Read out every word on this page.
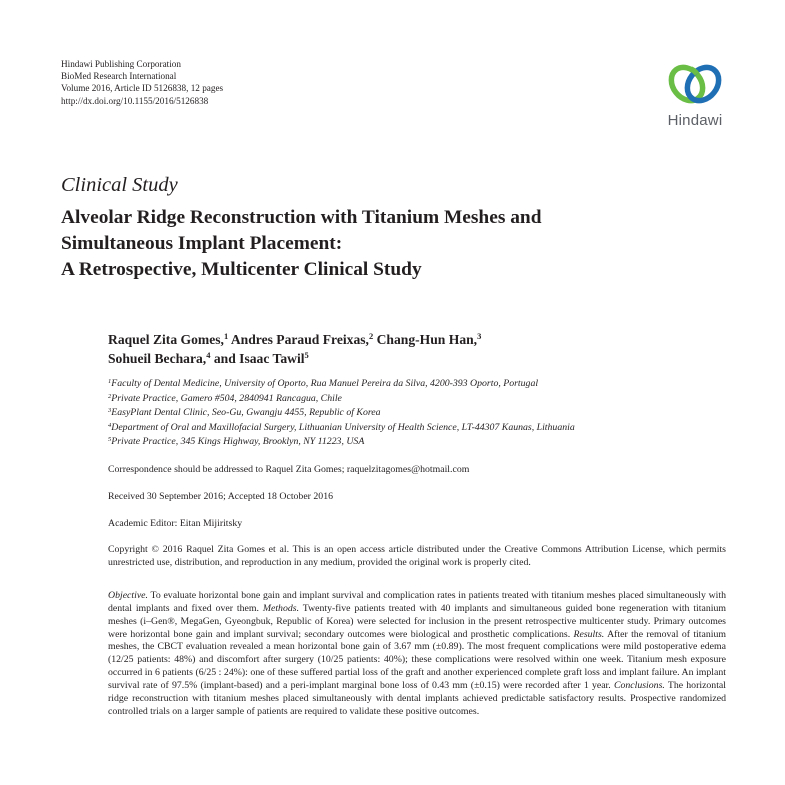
Hindawi Publishing Corporation
BioMed Research International
Volume 2016, Article ID 5126838, 12 pages
http://dx.doi.org/10.1155/2016/5126838
Hindawi
Clinical Study
Alveolar Ridge Reconstruction with Titanium Meshes and
Simultaneous Implant Placement:
A Retrospective, Multicenter Clinical Study
Raquel Zita Gomes,$^1$ Andres Paraud Freixas,$^2$ Chang-Hun Han,$^3$
Sohueil Bechara,$^4$ and Isaac Tawil$^5$
$^1$Faculty of Dental Medicine, University of Oporto, Rua Manuel Pereira da Silva, 4200-393 Oporto, Portugal
$^2$Private Practice, Gamero #504, 2840941 Rancagua, Chile
$^3$EasyPlant Dental Clinic, Seo-Gu, Gwangju 4455, Republic of Korea
$^4$Department of Oral and Maxillofacial Surgery, Lithuanian University of Health Science, LT-44307 Kaunas, Lithuania
$^5$Private Practice, 345 Kings Highway, Brooklyn, NY 11223, USA
Correspondence should be addressed to Raquel Zita Gomes; raquelzitagomes@hotmail.com
Received 30 September 2016; Accepted 18 October 2016
Academic Editor: Eitan Mijiritsky
Copyright © 2016 Raquel Zita Gomes et al. This is an open access article distributed under the Creative Commons Attribution License, which permits unrestricted use, distribution, and reproduction in any medium, provided the original work is properly cited.
Objective. To evaluate horizontal bone gain and implant survival and complication rates in patients treated with titanium meshes placed simultaneously with dental implants and fixed over them. Methods. Twenty-five patients treated with 40 implants and simultaneous guided bone regeneration with titanium meshes (i–Gen®, MegaGen, Gyeongbuk, Republic of Korea) were selected for inclusion in the present retrospective multicenter study. Primary outcomes were horizontal bone gain and implant survival; secondary outcomes were biological and prosthetic complications. Results. After the removal of titanium meshes, the CBCT evaluation revealed a mean horizontal bone gain of 3.67 mm (±0.89). The most frequent complications were mild postoperative edema (12/25 patients: 48%) and discomfort after surgery (10/25 patients: 40%); these complications were resolved within one week. Titanium mesh exposure occurred in 6 patients (6/25 : 24%): one of these suffered partial loss of the graft and another experienced complete graft loss and implant failure. An implant survival rate of 97.5% (implant-based) and a peri-implant marginal bone loss of 0.43 mm (±0.15) were recorded after 1 year. Conclusions. The horizontal ridge reconstruction with titanium meshes placed simultaneously with dental implants achieved predictable satisfactory results. Prospective randomized controlled trials on a larger sample of patients are required to validate these positive outcomes.
